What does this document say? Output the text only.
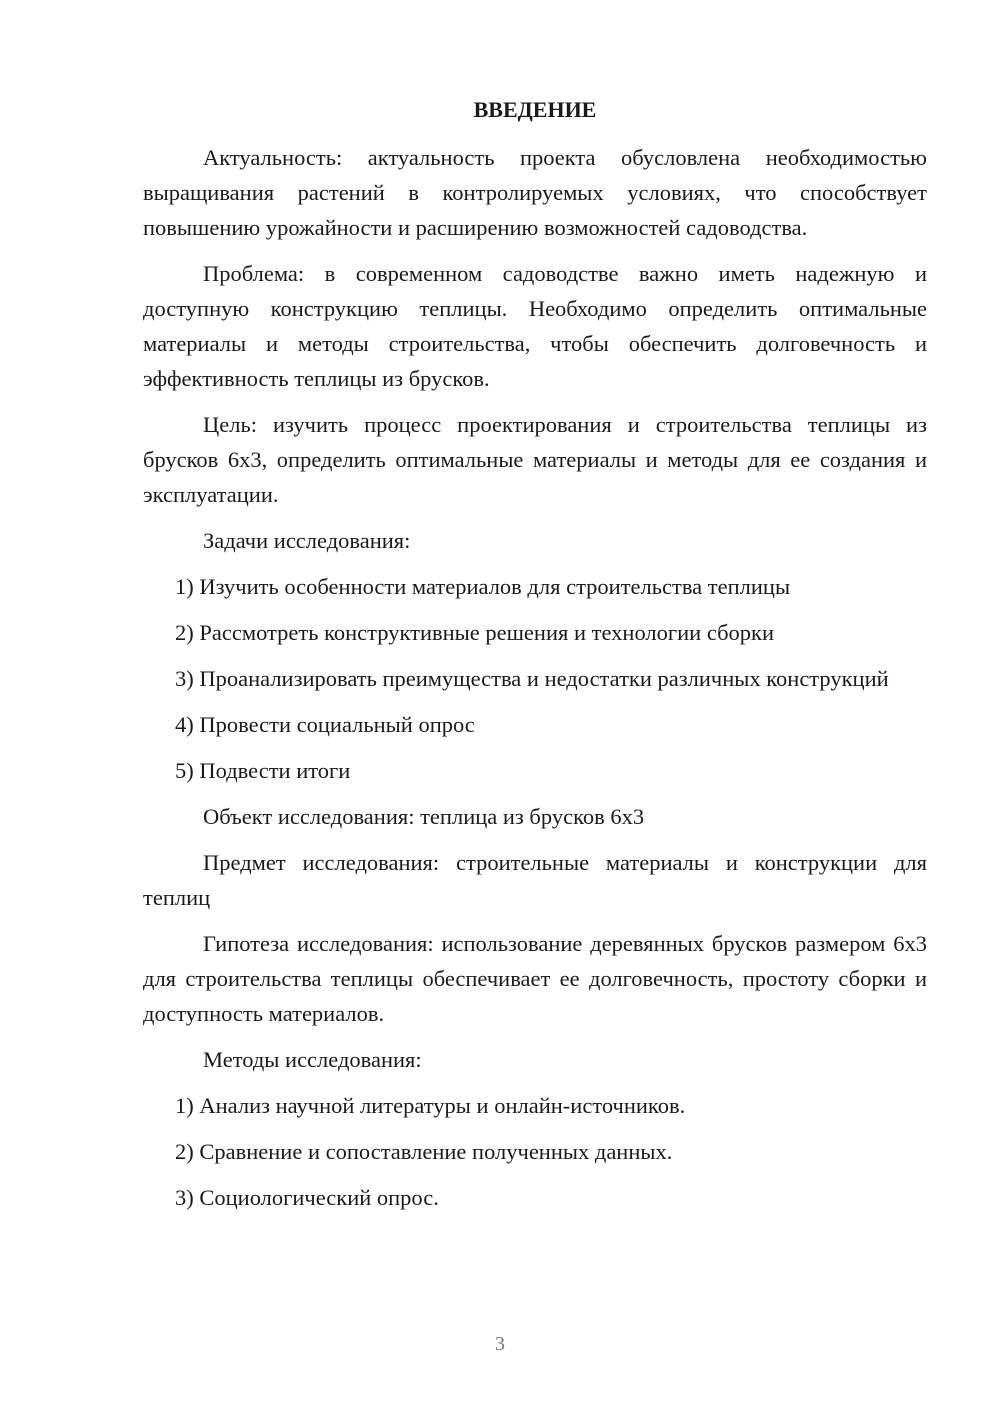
ВВЕДЕНИЕ

Актуальность: актуальность проекта обусловлена необходимостью выращивания растений в контролируемых условиях, что способствует повышению урожайности и расширению возможностей садоводства.

Проблема: в современном садоводстве важно иметь надежную и доступную конструкцию теплицы. Необходимо определить оптимальные материалы и методы строительства, чтобы обеспечить долговечность и эффективность теплицы из брусков.

Цель: изучить процесс проектирования и строительства теплицы из брусков 6х3, определить оптимальные материалы и методы для ее создания и эксплуатации.

Задачи исследования:

1) Изучить особенности материалов для строительства теплицы

2) Рассмотреть конструктивные решения и технологии сборки

3) Проанализировать преимущества и недостатки различных конструкций

4) Провести социальный опрос

5) Подвести итоги

Объект исследования: теплица из брусков 6х3

Предмет исследования: строительные материалы и конструкции для теплиц

Гипотеза исследования: использование деревянных брусков размером 6х3 для строительства теплицы обеспечивает ее долговечность, простоту сборки и доступность материалов.

Методы исследования:

1) Анализ научной литературы и онлайн-источников.

2) Сравнение и сопоставление полученных данных.

3) Социологический опрос.

3
